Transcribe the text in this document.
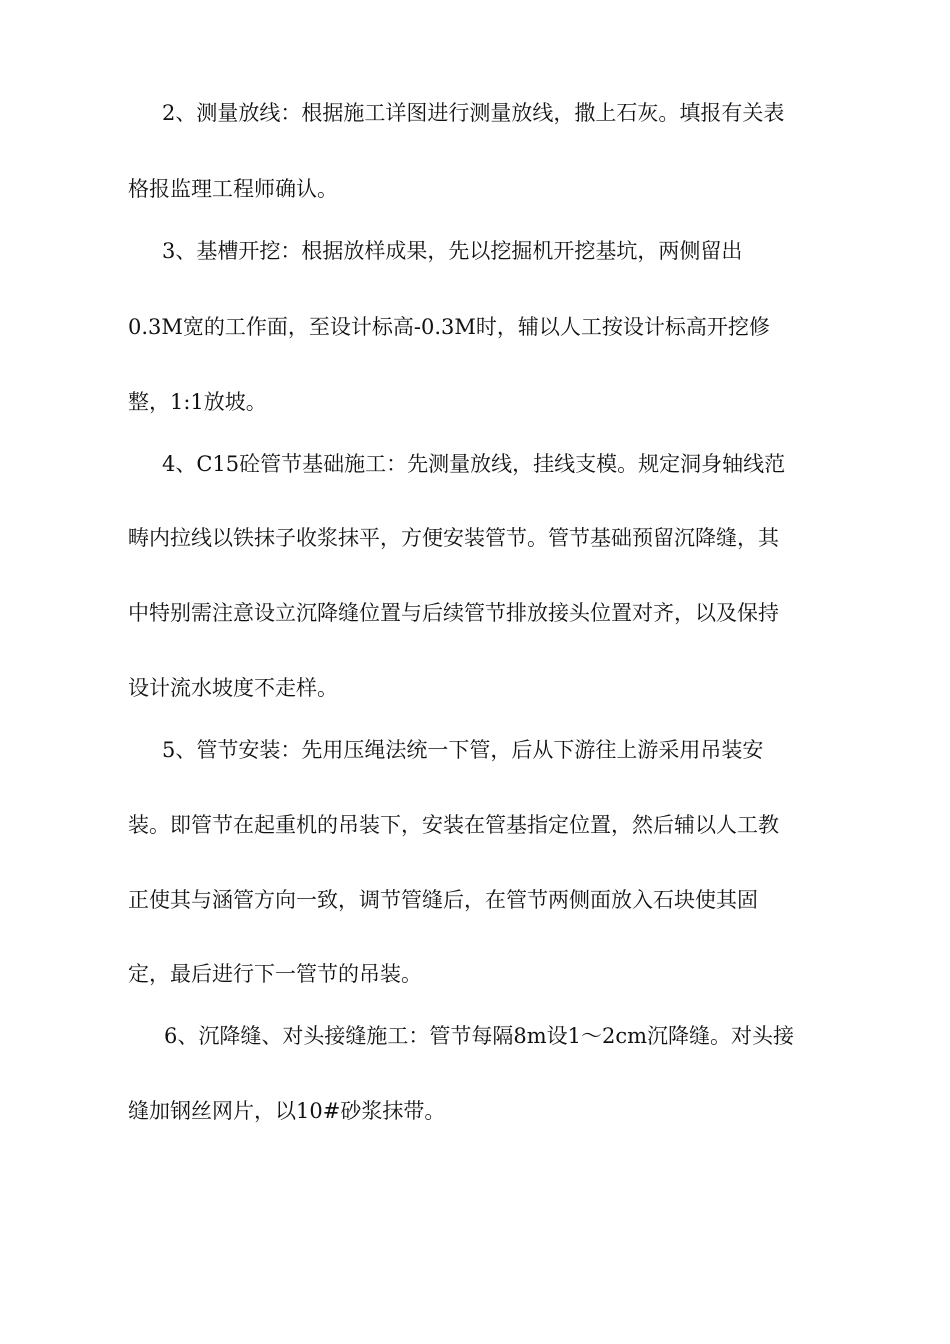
2、测量放线：根据施工详图进行测量放线，撒上石灰。填报有关表
格报监理工程师确认。
3、基槽开挖：根据放样成果，先以挖掘机开挖基坑，两侧留出
0.3M宽的工作面，至设计标高-0.3M时，辅以人工按设计标高开挖修
整，1:1放坡。
4、C15砼管节基础施工：先测量放线，挂线支模。规定洞身轴线范
畴内拉线以铁抹子收浆抹平，方便安装管节。管节基础预留沉降缝，其
中特别需注意设立沉降缝位置与后续管节排放接头位置对齐，以及保持
设计流水坡度不走样。
5、管节安装：先用压绳法统一下管，后从下游往上游采用吊装安
装。即管节在起重机的吊装下，安装在管基指定位置，然后辅以人工教
正使其与涵管方向一致，调节管缝后，在管节两侧面放入石块使其固
定，最后进行下一管节的吊装。
6、沉降缝、对头接缝施工：管节每隔8m设1～2cm沉降缝。对头接
缝加钢丝网片，以10#砂浆抹带。
